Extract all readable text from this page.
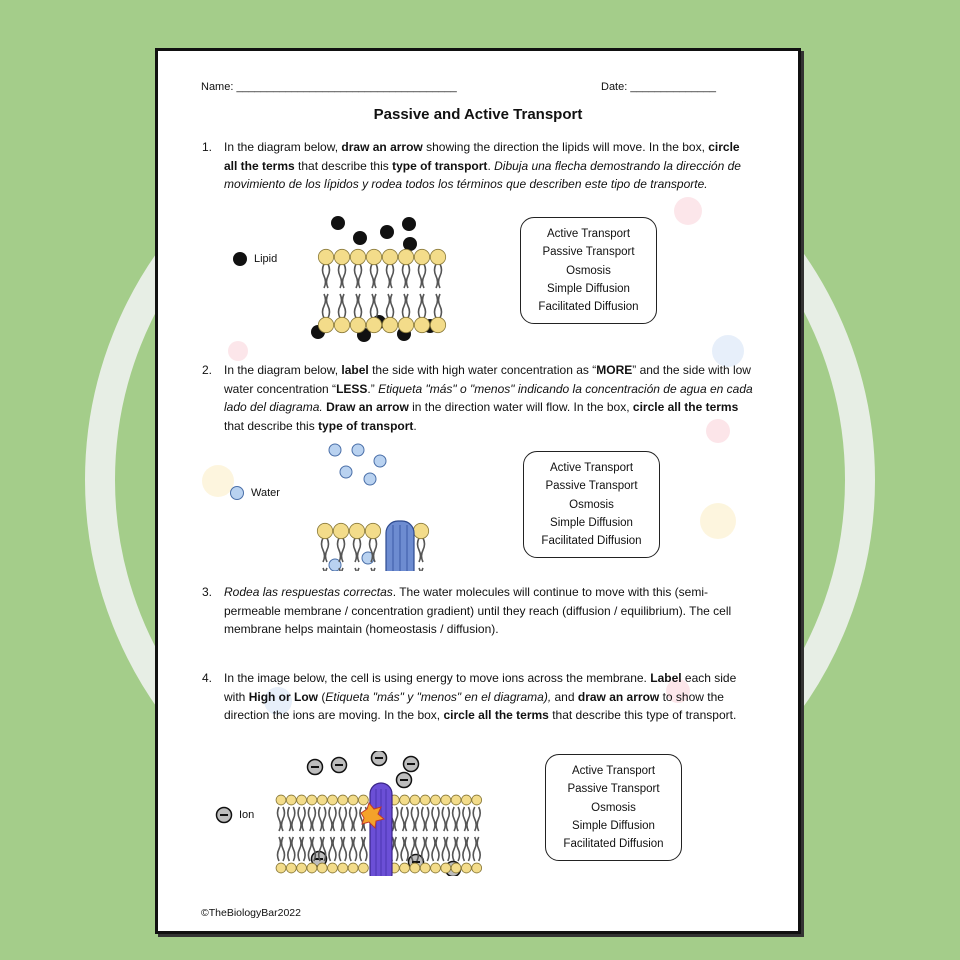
Name: ____________________________________	Date: ______________
Passive and Active Transport
1. In the diagram below, draw an arrow showing the direction the lipids will move. In the box, circle all the terms that describe this type of transport. Dibuja una flecha demostrando la dirección de movimiento de los lípidos y rodea todos los términos que describen este tipo de transporte.
2. In the diagram below, label the side with high water concentration as “MORE” and the side with low water concentration “LESS.” Etiqueta "más" o "menos" indicando la concentración de agua en cada lado del diagrama. Draw an arrow in the direction water will flow. In the box, circle all the terms that describe this type of transport.
3. Rodea las respuestas correctas. The water molecules will continue to move with this (semi-permeable membrane / concentration gradient) until they reach (diffusion / equilibrium). The cell membrane helps maintain (homeostasis / diffusion).
4. In the image below, the cell is using energy to move ions across the membrane. Label each side with High or Low (Etiqueta "más" y "menos" en el diagrama), and draw an arrow to show the direction the ions are moving. In the box, circle all the terms that describe this type of transport.
Lipid
Active Transport
Passive Transport
Osmosis
Simple Diffusion
Facilitated Diffusion
Water
Active Transport
Passive Transport
Osmosis
Simple Diffusion
Facilitated Diffusion
Ion
Active Transport
Passive Transport
Osmosis
Simple Diffusion
Facilitated Diffusion
©TheBiologyBar2022
